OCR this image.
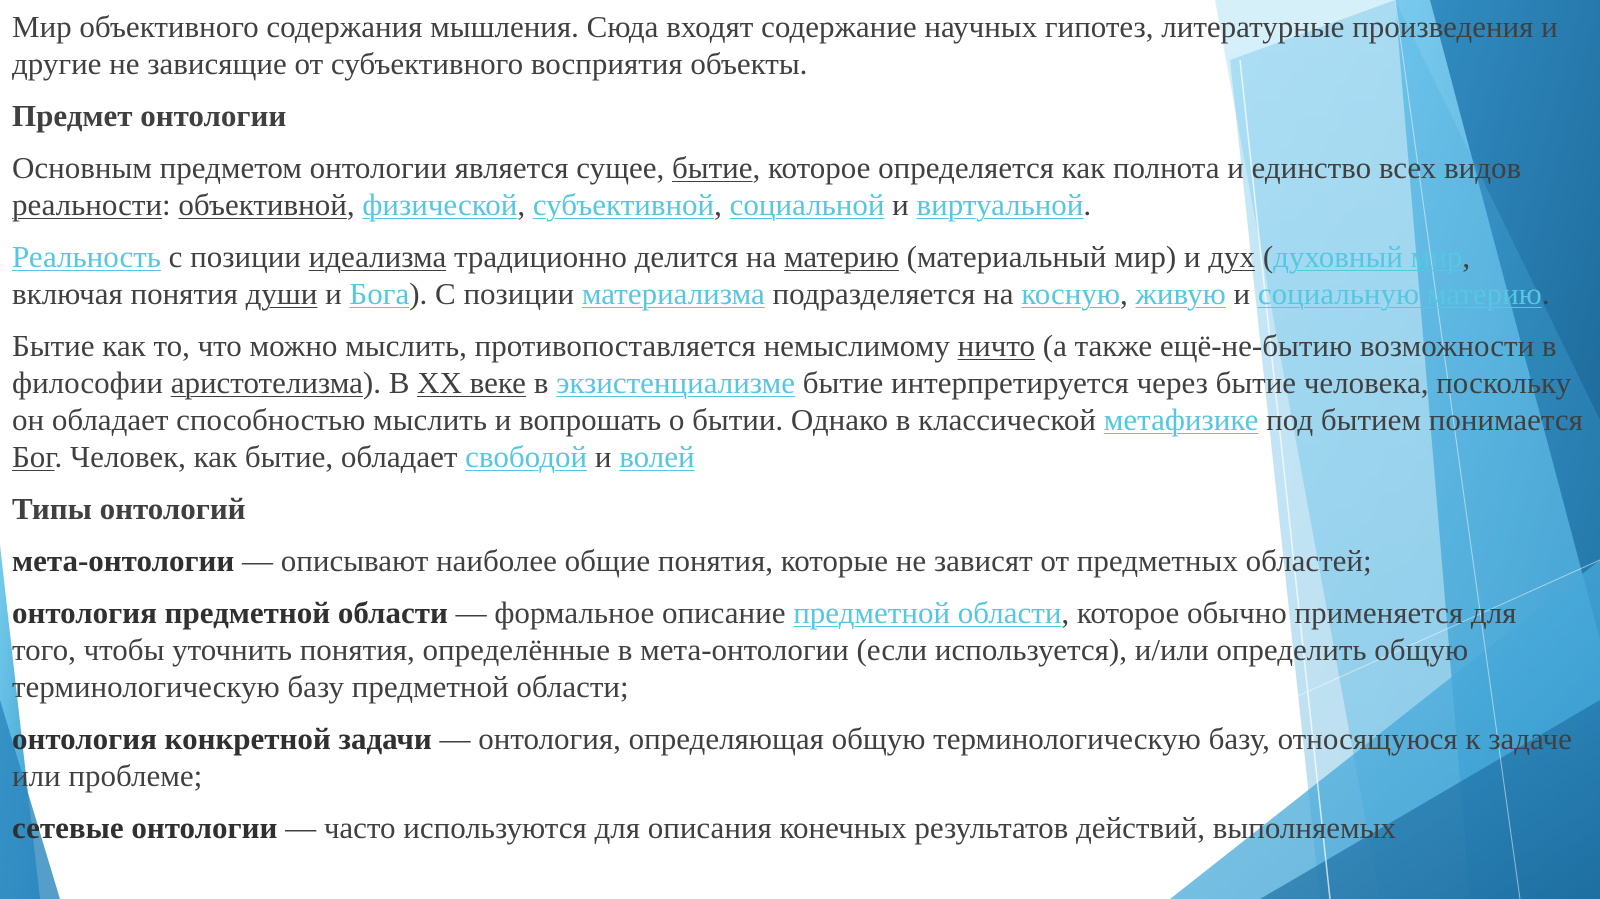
Мир объективного содержания мышления. Сюда входят содержание научных гипотез, литературные произведения и другие не зависящие от субъективного восприятия объекты.

Предмет онтологии

Основным предметом онтологии является сущее, бытие, которое определяется как полнота и единство всех видов реальности: объективной, физической, субъективной, социальной и виртуальной.

Реальность с позиции идеализма традиционно делится на материю (материальный мир) и дух (духовный мир, включая понятия души и Бога). С позиции материализма подразделяется на косную, живую и социальную материю.

Бытие как то, что можно мыслить, противопоставляется немыслимому ничто (а также ещё-не-бытию возможности в философии аристотелизма). В XX веке в экзистенциализме бытие интерпретируется через бытие человека, поскольку он обладает способностью мыслить и вопрошать о бытии. Однако в классической метафизике под бытием понимается Бог. Человек, как бытие, обладает свободой и волей

Типы онтологий

мета-онтологии — описывают наиболее общие понятия, которые не зависят от предметных областей;

онтология предметной области — формальное описание предметной области, которое обычно применяется для того, чтобы уточнить понятия, определённые в мета-онтологии (если используется), и/или определить общую терминологическую базу предметной области;

онтология конкретной задачи — онтология, определяющая общую терминологическую базу, относящуюся к задаче или проблеме;

сетевые онтологии — часто используются для описания конечных результатов действий, выполняемых
